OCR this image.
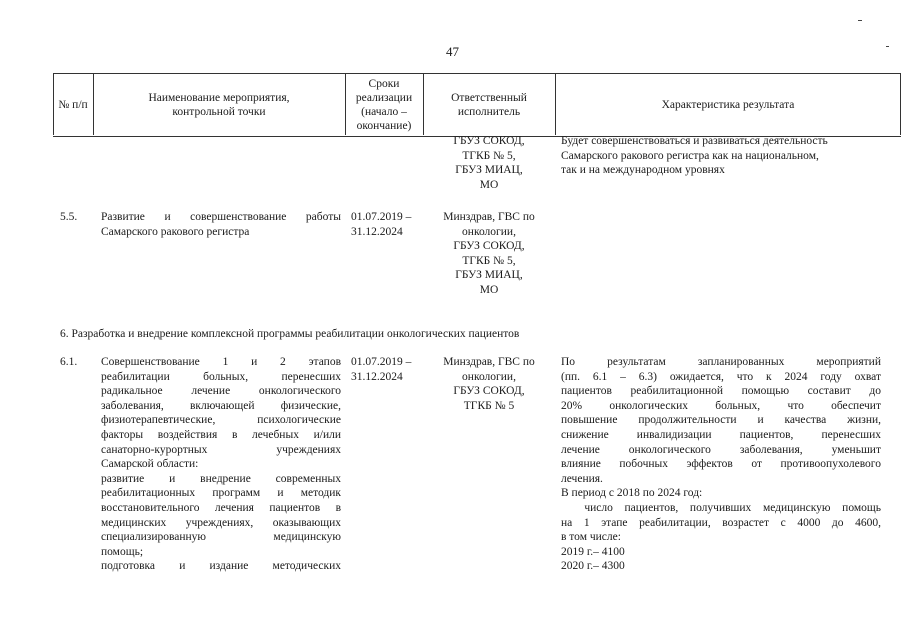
47
№ п/п
Наименование мероприятия,
контрольной точки
Сроки
реализации
(начало –
окончание)
Ответственный
исполнитель
Характеристика результата
ГБУЗ СОКОД,
ТГКБ № 5,
ГБУЗ МИАЦ,
МО
Будет совершенствоваться и развиваться деятельность
Самарского ракового регистра как на национальном,
так и на международном уровнях
5.5. Развитие и совершенствование работы
Самарского ракового регистра
01.07.2019 –
31.12.2024
Минздрав, ГВС по
онкологии,
ГБУЗ СОКОД,
ТГКБ № 5,
ГБУЗ МИАЦ,
МО
6. Разработка и внедрение комплексной программы реабилитации онкологических пациентов
6.1. Совершенствование 1 и 2 этапов
реабилитации больных, перенесших
радикальное лечение онкологического
заболевания, включающей физические,
физиотерапевтические, психологические
факторы воздействия в лечебных и/или
санаторно-курортных учреждениях
Самарской области:
развитие и внедрение современных
реабилитационных программ и методик
восстановительного лечения пациентов в
медицинских учреждениях, оказывающих
специализированную медицинскую
помощь;
подготовка и издание методических
01.07.2019 –
31.12.2024
Минздрав, ГВС по
онкологии,
ГБУЗ СОКОД,
ТГКБ № 5
По результатам запланированных мероприятий
(пп. 6.1 – 6.3) ожидается, что к 2024 году охват
пациентов реабилитационной помощью составит до
20% онкологических больных, что обеспечит
повышение продолжительности и качества жизни,
снижение инвалидизации пациентов, перенесших
лечение онкологического заболевания, уменьшит
влияние побочных эффектов от противоопухолевого
лечения.
В период с 2018 по 2024 год:
число пациентов, получивших медицинскую помощь
на 1 этапе реабилитации, возрастет с 4000 до 4600,
в том числе:
2019 г.– 4100
2020 г.– 4300
